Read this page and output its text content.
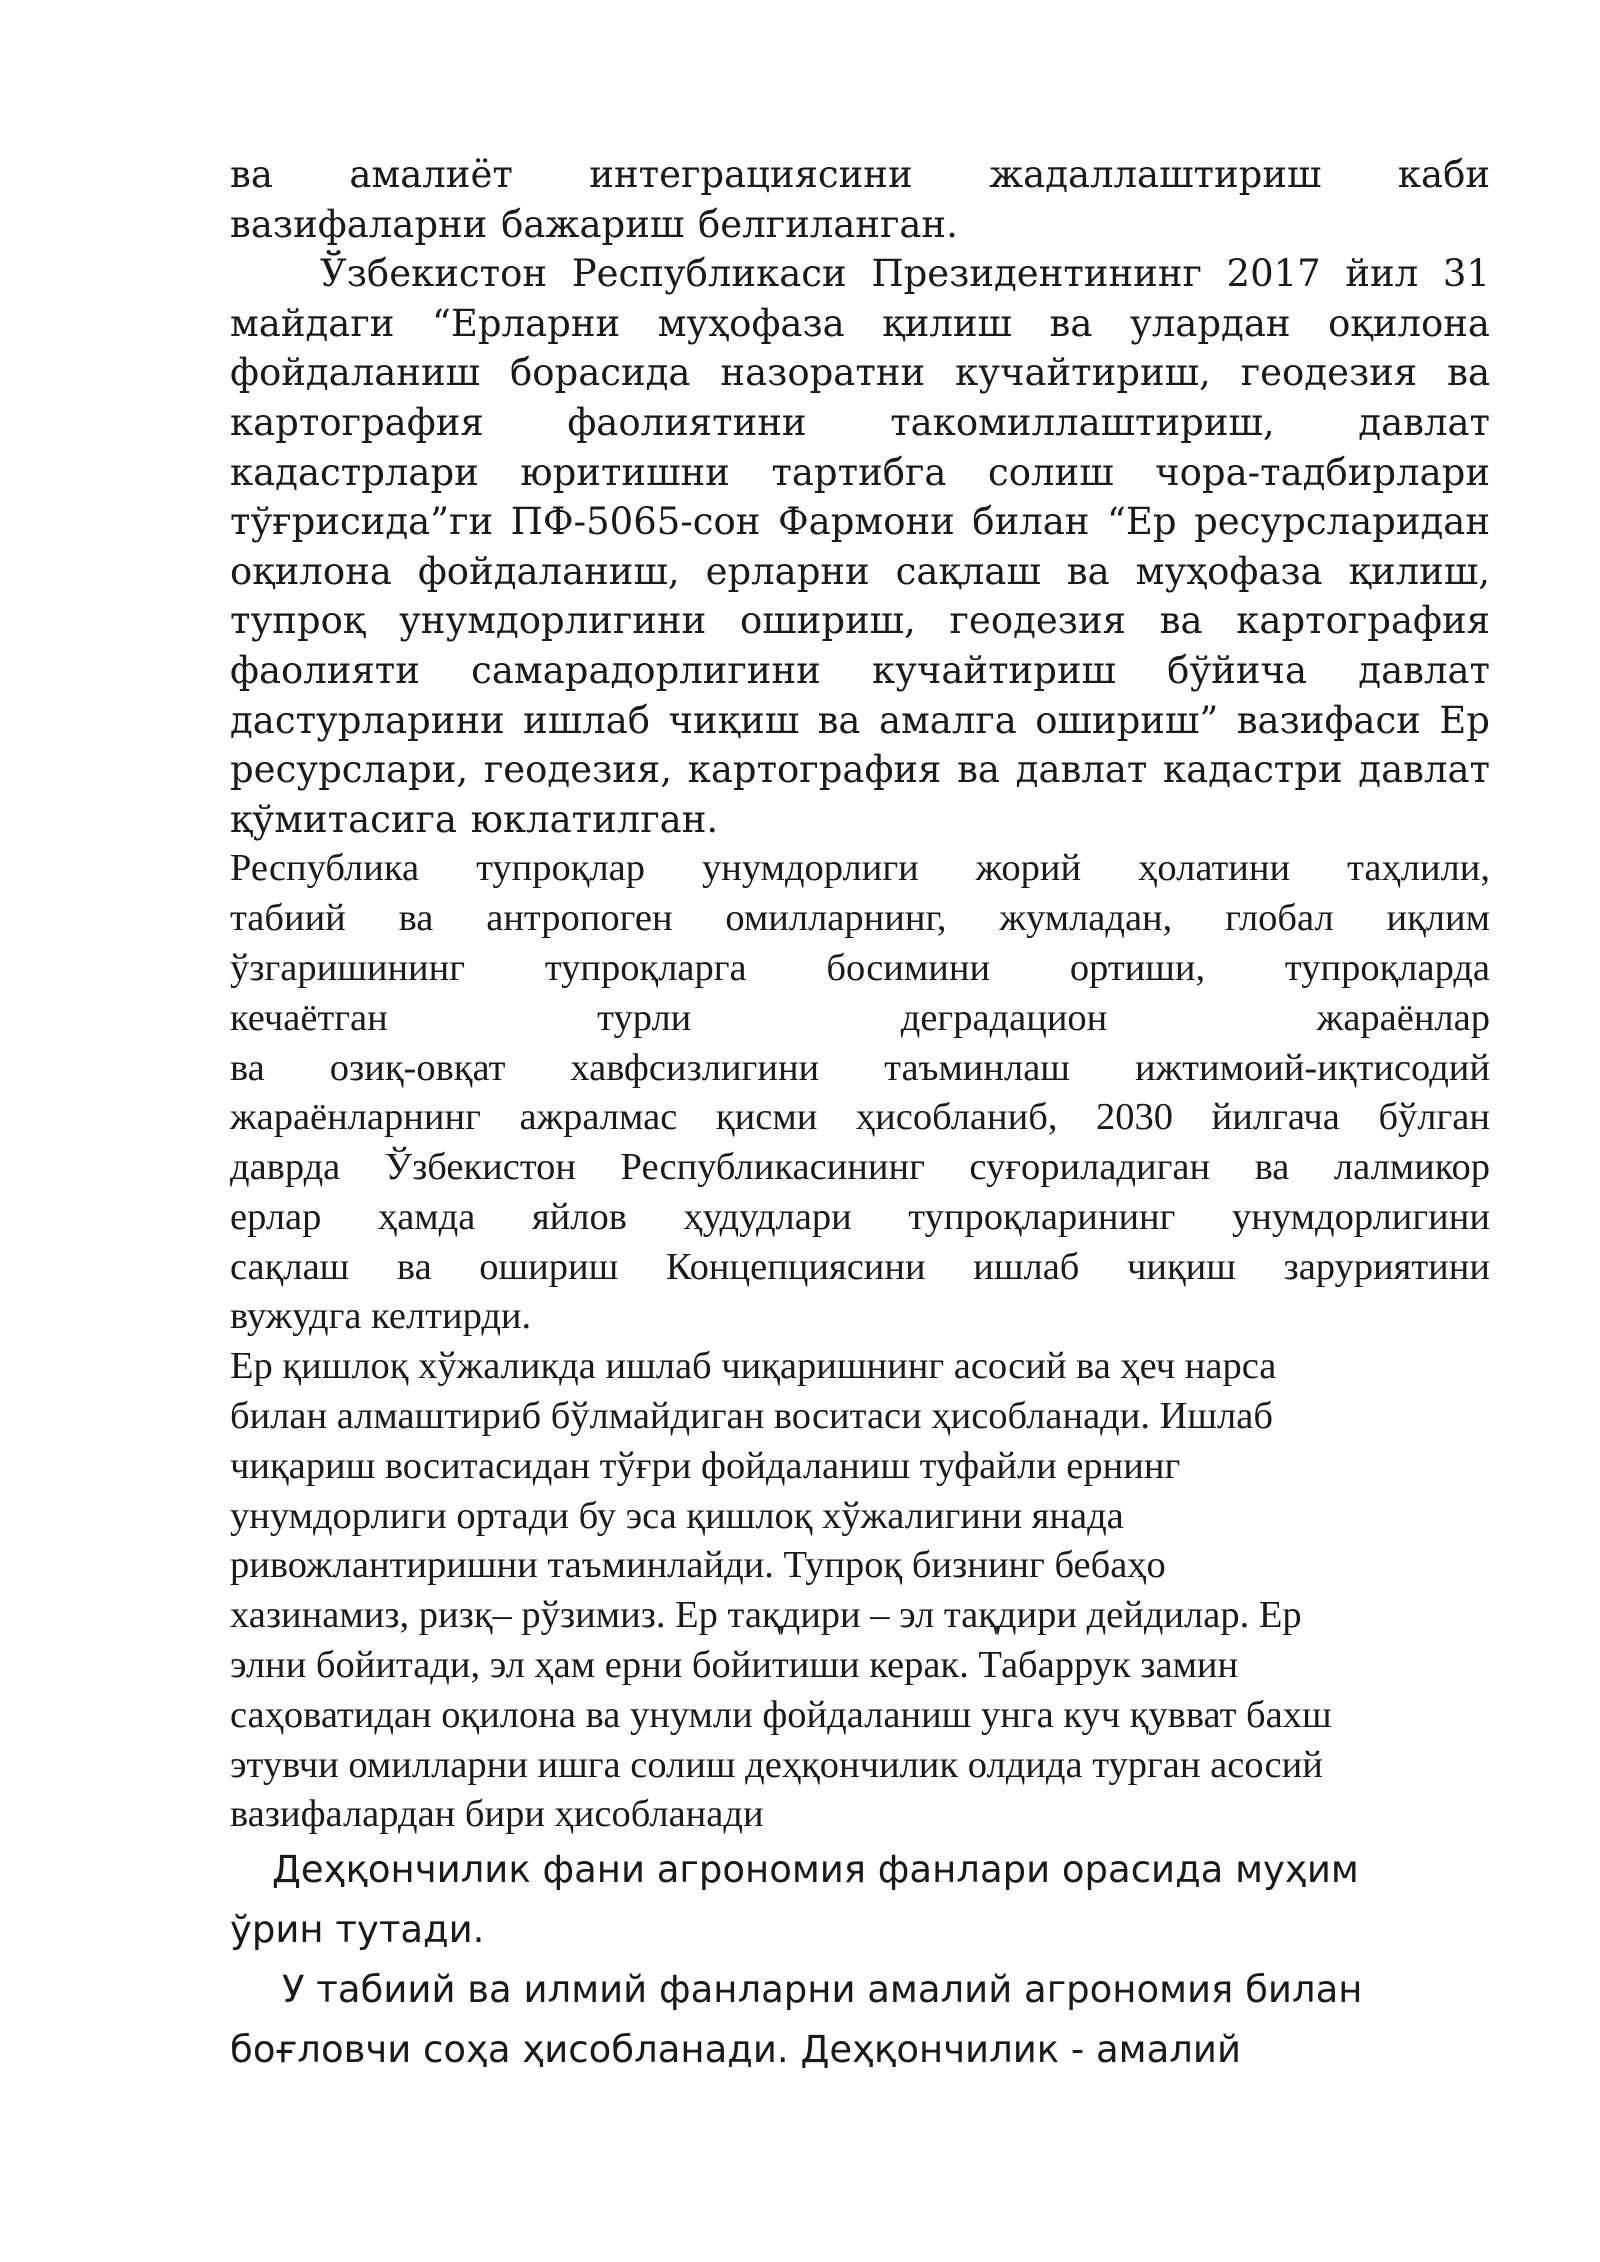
ва амалиёт интеграциясини жадаллаштириш каби вазифаларни бажариш белгиланган.

Ўзбекистон Республикаси Президентининг 2017 йил 31 майдаги “Ерларни муҳофаза қилиш ва улардан оқилона фойдаланиш борасида назоратни кучайтириш, геодезия ва картография фаолиятини такомиллаштириш, давлат кадастрлари юритишни тартибга солиш чора-тадбирлари тўғрисида”ги ПФ-5065-сон Фармони билан “Ер ресурсларидан оқилона фойдаланиш, ерларни сақлаш ва муҳофаза қилиш, тупроқ унумдорлигини ошириш, геодезия ва картография фаолияти самарадорлигини кучайтириш бўйича давлат дастурларини ишлаб чиқиш ва амалга ошириш” вазифаси Ер ресурслари, геодезия, картография ва давлат кадастри давлат қўмитасига юклатилган.

Республика тупроқлар унумдорлиги жорий ҳолатини таҳлили,
табиий ва антропоген омилларнинг, жумладан, глобал иқлим
ўзгаришининг тупроқларга босимини ортиши, тупроқларда
кечаётган турли деградацион жараёнлар
ва озиқ-овқат хавфсизлигини таъминлаш ижтимоий-иқтисодий
жараёнларнинг ажралмас қисми ҳисобланиб, 2030 йилгача бўлган
даврда Ўзбекистон Республикасининг суғориладиган ва лалмикор
ерлар ҳамда яйлов ҳудудлари тупроқларининг унумдорлигини
сақлаш ва ошириш Концепциясини ишлаб чиқиш заруриятини
вужудга келтирди.
Ер қишлоқ хўжаликда ишлаб чиқаришнинг асосий ва ҳеч нарса
билан алмаштириб бўлмайдиган воситаси ҳисобланади. Ишлаб
чиқариш воситасидан тўғри фойдаланиш туфайли ернинг
унумдорлиги ортади бу эса қишлоқ хўжалигини янада
ривожлантиришни таъминлайди. Тупроқ бизнинг бебаҳо
хазинамиз, ризқ– рўзимиз. Ер тақдири – эл тақдири дейдилар. Ер
элни бойитади, эл ҳам ерни бойитиши керак. Табаррук замин
саҳоватидан оқилона ва унумли фойдаланиш унга куч қувват бахш
этувчи омилларни ишга солиш деҳқончилик олдида турган асосий
вазифалардан бири ҳисобланади
Деҳқончилик фани агрономия фанлари орасида муҳим
ўрин тутади.
У табиий ва илмий фанларни амалий агрономия билан
боғловчи соҳа ҳисобланади. Деҳқончилик - амалий
